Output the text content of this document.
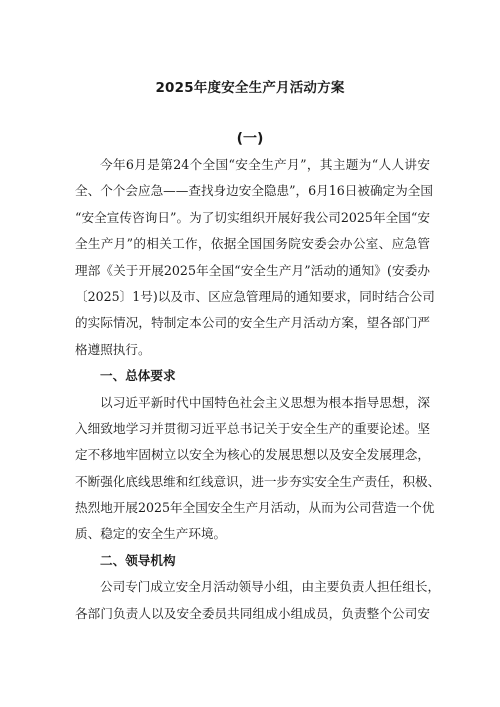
2025年度安全生产月活动方案
(一)

今年6月是第24个全国“安全生产月”，其主题为“人人讲安
全、个个会应急——查找身边安全隐患”，6月16日被确定为全国
“安全宣传咨询日”。为了切实组织开展好我公司2025年全国“安
全生产月”的相关工作，依据全国国务院安委会办公室、应急管
理部《关于开展2025年全国“安全生产月”活动的通知》(安委办
〔2025〕1号)以及市、区应急管理局的通知要求，同时结合公司
的实际情况，特制定本公司的安全生产月活动方案，望各部门严
格遵照执行。

一、总体要求

以习近平新时代中国特色社会主义思想为根本指导思想，深
入细致地学习并贯彻习近平总书记关于安全生产的重要论述。坚
定不移地牢固树立以安全为核心的发展思想以及安全发展理念，
不断强化底线思维和红线意识，进一步夯实安全生产责任，积极、
热烈地开展2025年全国安全生产月活动，从而为公司营造一个优
质、稳定的安全生产环境。

二、领导机构

公司专门成立安全月活动领导小组，由主要负责人担任组长，
各部门负责人以及安全委员共同组成小组成员，负责整个公司安
